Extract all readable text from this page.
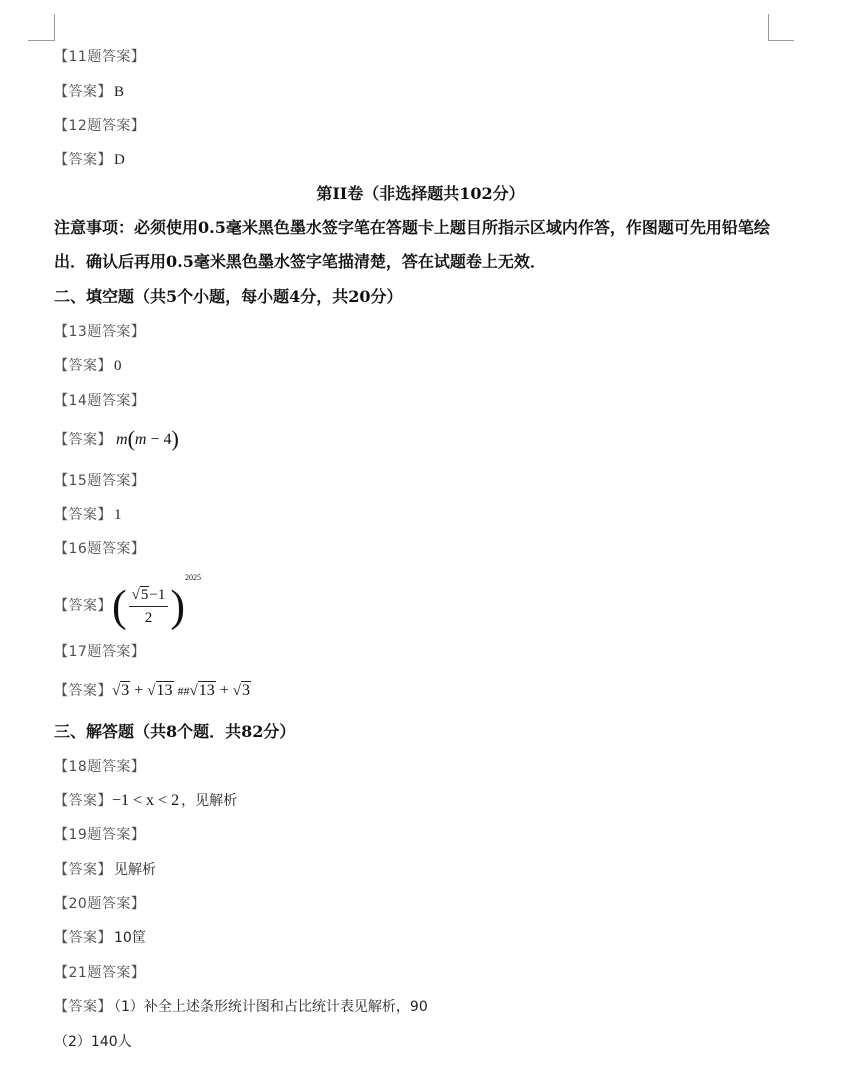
【11题答案】
【答案】 B
【12题答案】
【答案】 D
第II卷（非选择题共102分）
注意事项：必须使用0.5毫米黑色墨水签字笔在答题卡上题目所指示区域内作答，作图题可先用铅笔绘出．确认后再用0.5毫米黑色墨水签字笔描清楚，答在试题卷上无效．
二、填空题（共5个小题，每小题4分，共20分）
【13题答案】
【答案】 0
【14题答案】
【答案】 m(m − 4)
【15题答案】
【答案】 1
【16题答案】
【答案】( $\frac{√5-1}{2} )^{2025}$
【17题答案】
【答案】√3 + √13 ##√13 + √3
三、解答题（共8个题．共82分）
【18题答案】
【答案】−1 < x < 2 ，见解析
【19题答案】
【答案】 见解析
【20题答案】
【答案】 10筐
【21题答案】
【答案】 （1）补全上述条形统计图和占比统计表见解析，90
（2）140人
